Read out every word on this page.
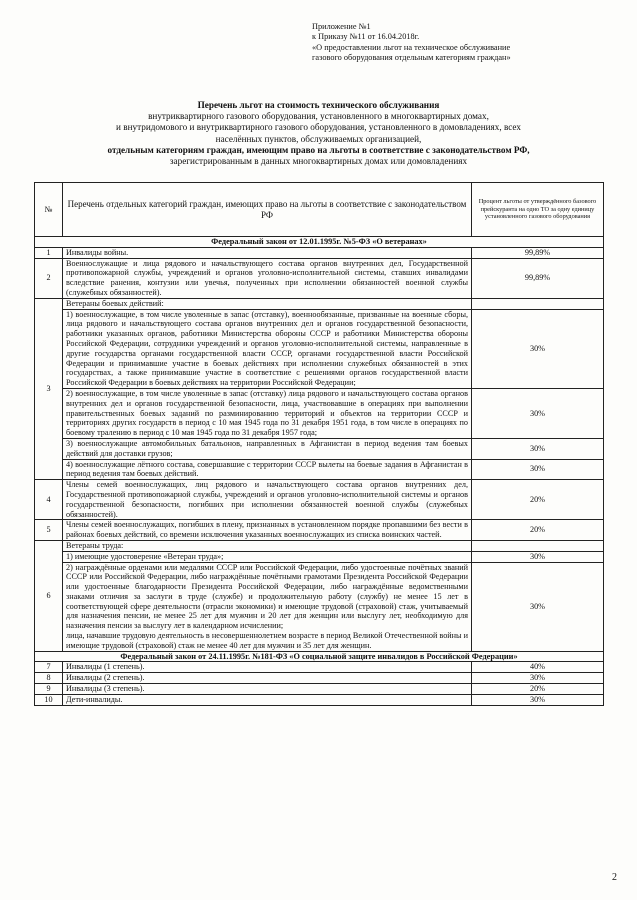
Приложение №1
к Приказу №11 от 16.04.2018г.
«О предоставлении льгот на техническое обслуживание
газового оборудования отдельным категориям граждан»
Перечень льгот на стоимость технического обслуживания
внутриквартирного газового оборудования, установленного в многоквартирных домах,
и внутридомового и внутриквартирного газового оборудования, установленного в домовладениях, всех
населённых пунктов, обслуживаемых организацией,
отдельным категориям граждан, имеющим право на льготы в соответствие с законодательством РФ,
зарегистрированным в данных многоквартирных домах или домовладениях
№	Перечень отдельных категорий граждан, имеющих право на льготы в соответствие с законодательством РФ	Процент льготы от утверждённого базового прейскуранта на одно ТО за одну единицу установленного газового оборудования
Федеральный закон от 12.01.1995г. №5-ФЗ «О ветеранах»		
1	Инвалиды войны.	99,89%
2	Военнослужащие и лица рядового и начальствующего состава органов внутренних дел, Государственной противопожарной службы, учреждений и органов уголовно-исполнительной системы, ставших инвалидами вследствие ранения, контузии или увечья, полученных при исполнении обязанностей военной службы (служебных обязанностей).	99,89%
3	Ветераны боевых действий:	
	1) военнослужащие, в том числе уволенные в запас (отставку), военнообязанные, призванные на военные сборы, лица рядового и начальствующего состава органов внутренних дел и органов государственной безопасности, работники указанных органов, работники Министерства обороны СССР и работники Министерства обороны Российской Федерации, сотрудники учреждений и органов уголовно-исполнительной системы, направленные в другие государства органами государственной власти СССР, органами государственной власти Российской Федерации и принимавшие участие в боевых действиях при исполнении служебных обязанностей в этих государствах, а также принимавшие участие в соответствие с решениями органов государственной власти Российской Федерации в боевых действиях на территории Российской Федерации;	30%
	2) военнослужащие, в том числе уволенные в запас (отставку) лица рядового и начальствующего состава органов внутренних дел и органов государственной безопасности, лица, участвовавшие в операциях при выполнении правительственных боевых заданий по разминированию территорий и объектов на территории СССР и территориях других государств в период с 10 мая 1945 года по 31 декабря 1951 года, в том числе в операциях по боевому тралению в период с 10 мая 1945 года по 31 декабря 1957 года;	30%
	3) военнослужащие автомобильных батальонов, направленных в Афганистан в период ведения там боевых действий для доставки грузов;	30%
	4) военнослужащие лётного состава, совершавшие с территории СССР вылеты на боевые задания в Афганистан в период ведения там боевых действий.	30%
4	Члены семей военнослужащих, лиц рядового и начальствующего состава органов внутренних дел, Государственной противопожарной службы, учреждений и органов уголовно-исполнительной системы и органов государственной безопасности, погибших при исполнении обязанностей военной службы (служебных обязанностей).	20%
5	Члены семей военнослужащих, погибших в плену, признанных в установленном порядке пропавшими без вести в районах боевых действий, со времени исключения указанных военнослужащих из списка воинских частей.	20%
6	Ветераны труда:	
	1) имеющие удостоверение «Ветеран труда»;	30%

	2) награждённые орденами или медалями СССР или Российской Федерации, либо удостоенные почётных званий СССР или Российской Федерации, либо награждённые почётными грамотами Президента Российской Федерации или удостоенные благодарности Президента Российской Федерации, либо награждённые ведомственными знаками отличия за заслуги в труде (службе) и продолжительную работу (службу) не менее 15 лет в соответствующей сфере деятельности (отрасли экономики) и имеющие трудовой (страховой) стаж, учитываемый для назначения пенсии, не менее 25 лет для мужчин и 20 лет для женщин или выслугу лет, необходимую для назначения пенсии за выслугу лет в календарном исчислении;
лица, начавшие трудовую деятельность в несовершеннолетнем возрасте в период Великой Отечественной войны и имеющие трудовой (страховой) стаж не менее 40 лет для мужчин и 35 лет для женщин.	30%
Федеральный закон от 24.11.1995г. №181-ФЗ «О социальной защите инвалидов в Российской Федерации»		
7	Инвалиды (1 степень).	40%
8	Инвалиды (2 степень).	30%
9	Инвалиды (3 степень).	20%
10	Дети-инвалиды.	30%
2
